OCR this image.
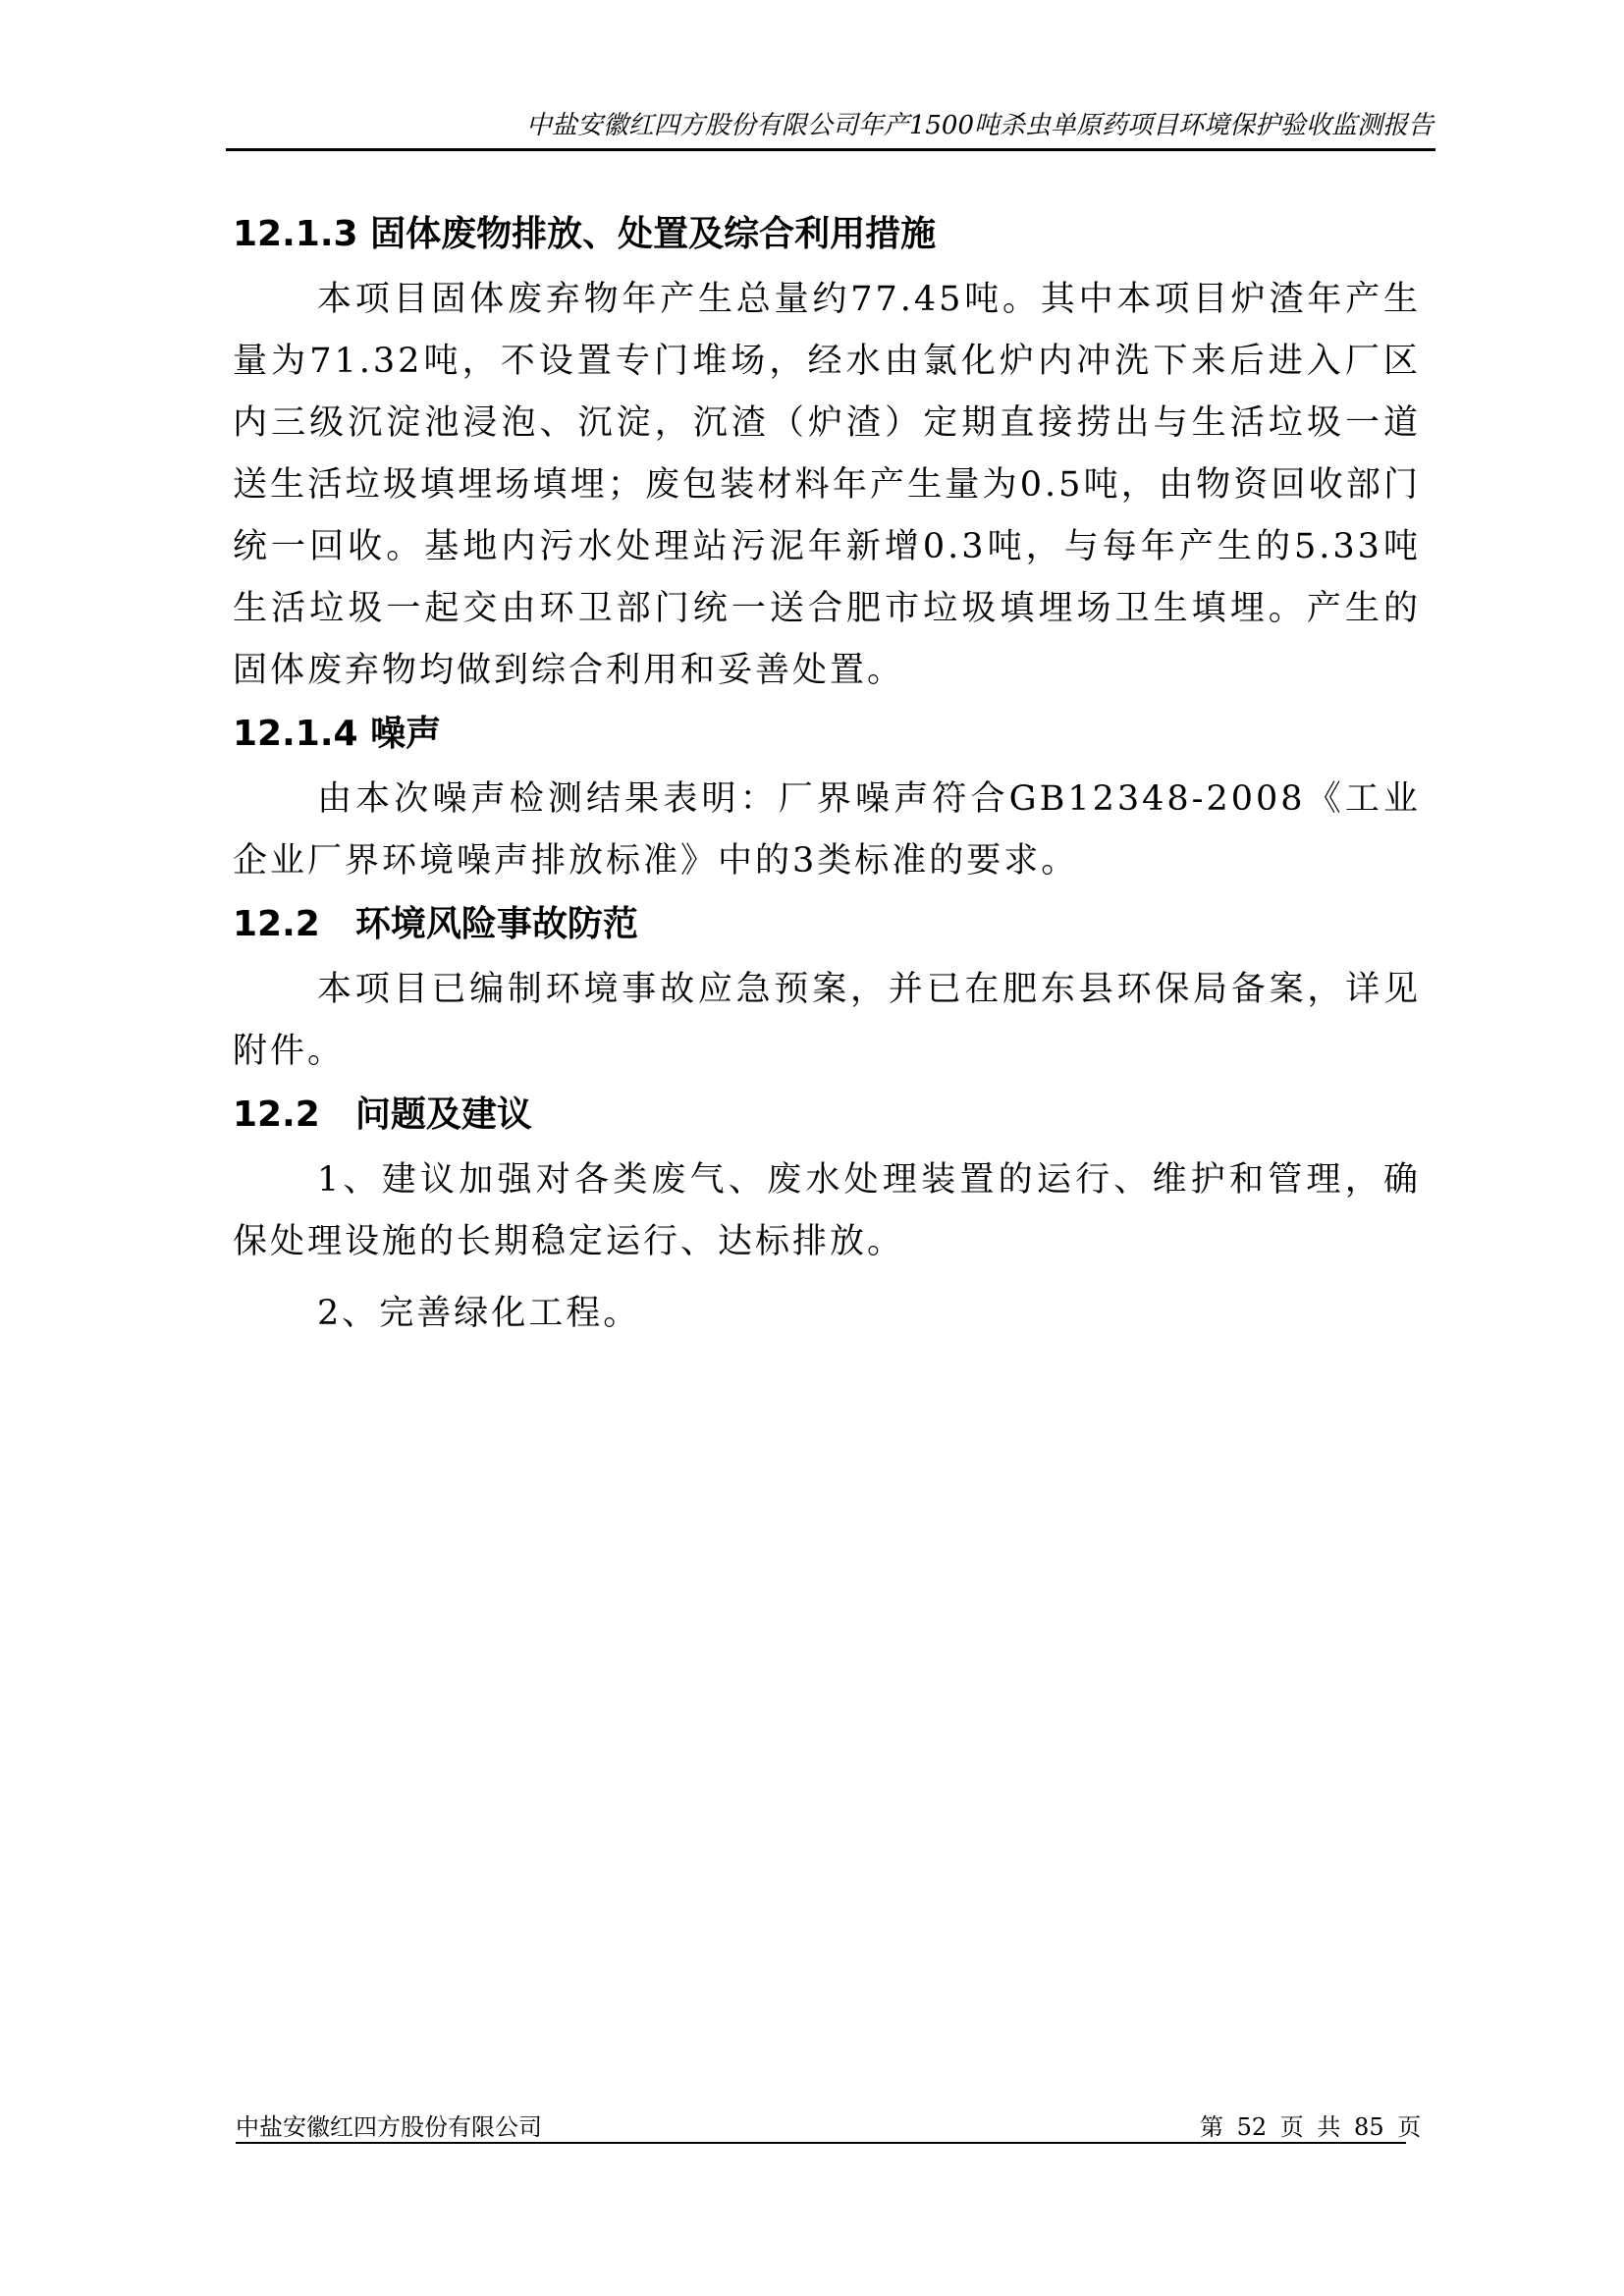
中盐安徽红四方股份有限公司年产1500吨杀虫单原药项目环境保护验收监测报告
12.1.3 固体废物排放、处置及综合利用措施

本项目固体废弃物年产生总量约77.45吨。其中本项目炉渣年产生量为71.32吨，不设置专门堆场，经水由氯化炉内冲洗下来后进入厂区内三级沉淀池浸泡、沉淀，沉渣（炉渣）定期直接捞出与生活垃圾一道送生活垃圾填埋场填埋；废包装材料年产生量为0.5吨，由物资回收部门统一回收。基地内污水处理站污泥年新增0.3吨，与每年产生的5.33吨生活垃圾一起交由环卫部门统一送合肥市垃圾填埋场卫生填埋。产生的固体废弃物均做到综合利用和妥善处置。

12.1.4 噪声

由本次噪声检测结果表明：厂界噪声符合GB12348-2008《工业企业厂界环境噪声排放标准》中的3类标准的要求。

12.2　环境风险事故防范

本项目已编制环境事故应急预案，并已在肥东县环保局备案，详见附件。

12.2　问题及建议

1、建议加强对各类废气、废水处理装置的运行、维护和管理，确保处理设施的长期稳定运行、达标排放。

2、完善绿化工程。

中盐安徽红四方股份有限公司	第 52 页 共 85 页
